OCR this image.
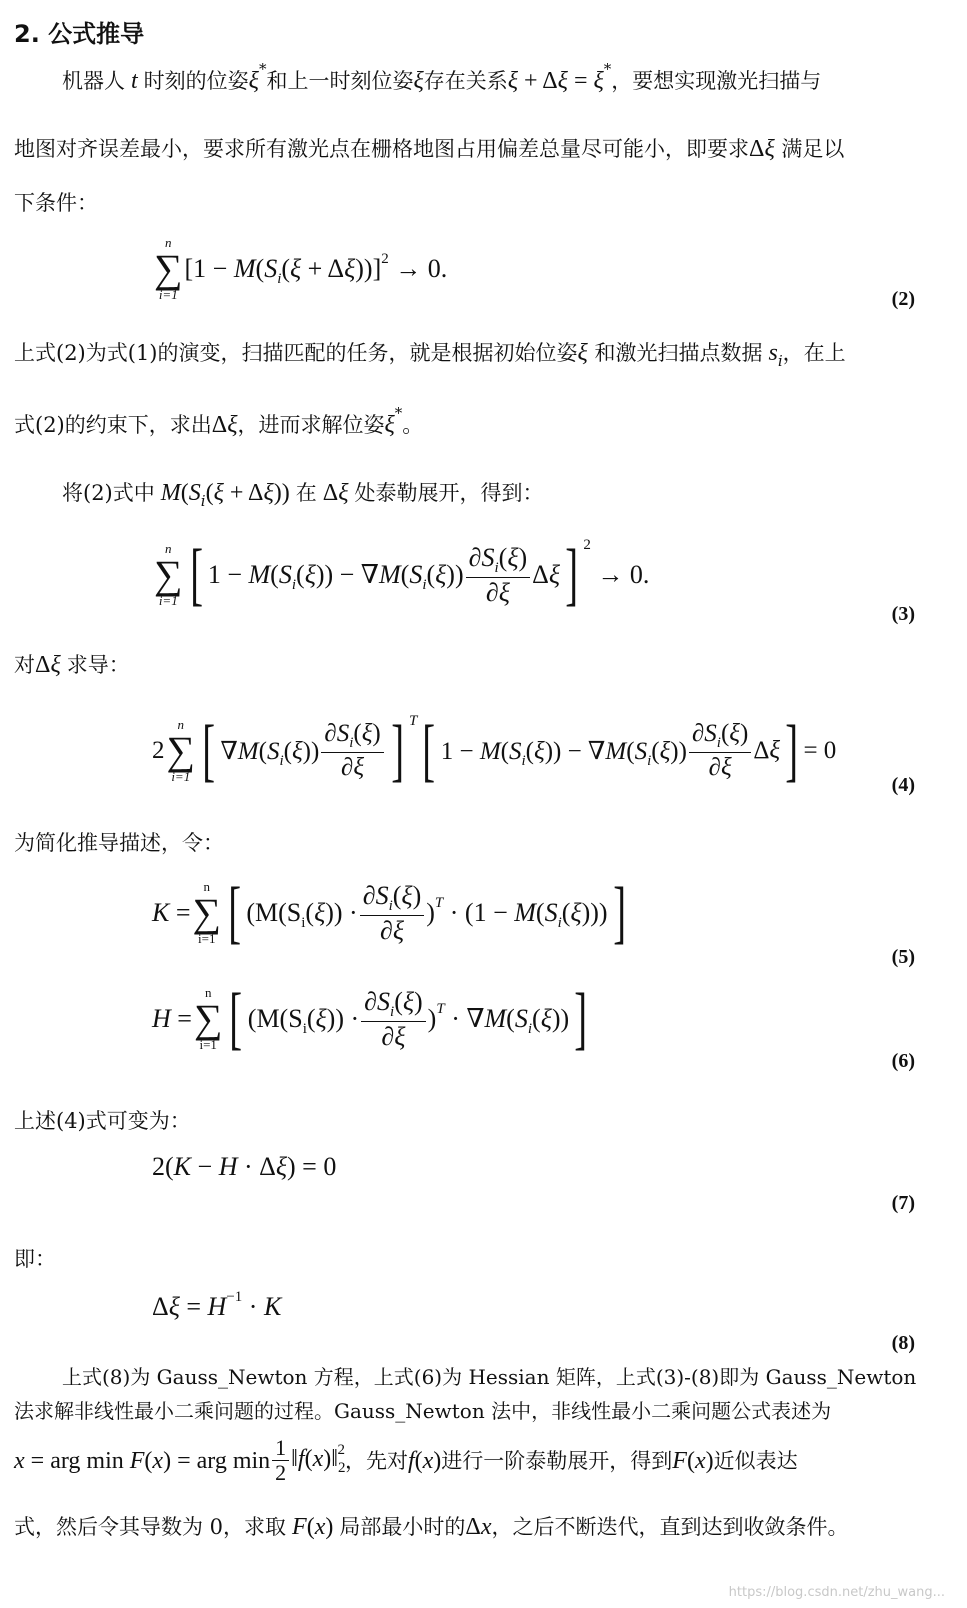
2. 公式推导
机器人 t 时刻的位姿ξ*和上一时刻位姿ξ存在关系ξ + Δξ = ξ*，要想实现激光扫描与
地图对齐误差最小，要求所有激光点在栅格地图占用偏差总量尽可能小，即要求Δξ 满足以
下条件：
n
∑
i=1
$[1 - M(S_i(\xi + \Delta\xi))]^2 \to 0$.
(2)
上式(2)为式(1)的演变，扫描匹配的任务，就是根据初始位姿ξ 和激光扫描点数据 $s_i$，在上
式(2)的约束下，求出Δξ，进而求解位姿ξ*。
将(2)式中 $M(S_i(\xi + \Delta\xi))$ 在 Δξ 处泰勒展开，得到：
n
∑
i=1 [ $1 - M(S_i(\xi)) - \nabla M(S_i(\xi)) \frac{\partial S_i(\xi)}{\partial\xi}$ Δξ ] 2
→ 0.
(3)
对Δξ 求导：
2
n
∑
i=1 [ $\nabla M(S_i(\xi)) \frac{\partial S_i(\xi)}{\partial\xi}$ ] T [ $1 - M(S_i(\xi)) - \nabla M(S_i(\xi)) \frac{\partial S_i(\xi)}{\partial\xi}$ Δξ ] = 0
(4)
为简化推导描述，令：
K =
n
∑
i=1 [ $(M(S_i(\xi)) \cdot \frac{\partial S_i(\xi)}{\partial\xi} )^T \cdot (1 - M(S_i(\xi)))$ ]
(5)
H =
n
∑
i=1 [ $(M(S_i(\xi)) \cdot \frac{\partial S_i(\xi)}{\partial\xi} )^T \cdot \nabla M(S_i(\xi))$ ]
(6)
上述(4)式可变为：
2(K − H · Δξ) = 0
(7)
即：
$\Delta\xi = H^{-1} \cdot K$
(8)
上式(8)为 Gauss_Newton 方程，上式(6)为 Hessian 矩阵，上式(3)-(8)即为 Gauss_Newton
法求解非线性最小二乘问题的过程。Gauss_Newton 法中，非线性最小二乘问题公式表述为
x = arg min F(x) = arg $\min \frac{1}{2}$ $‖f(x)‖_2^2$ ，先对 f ( x ) 进行一阶泰勒展开，得到 F ( x ) 近似表达
式，然后令其导数为 0，求取 F(x) 局部最小时的Δx，之后不断迭代，直到达到收敛条件。
https://blog.csdn.net/zhu_wang...
